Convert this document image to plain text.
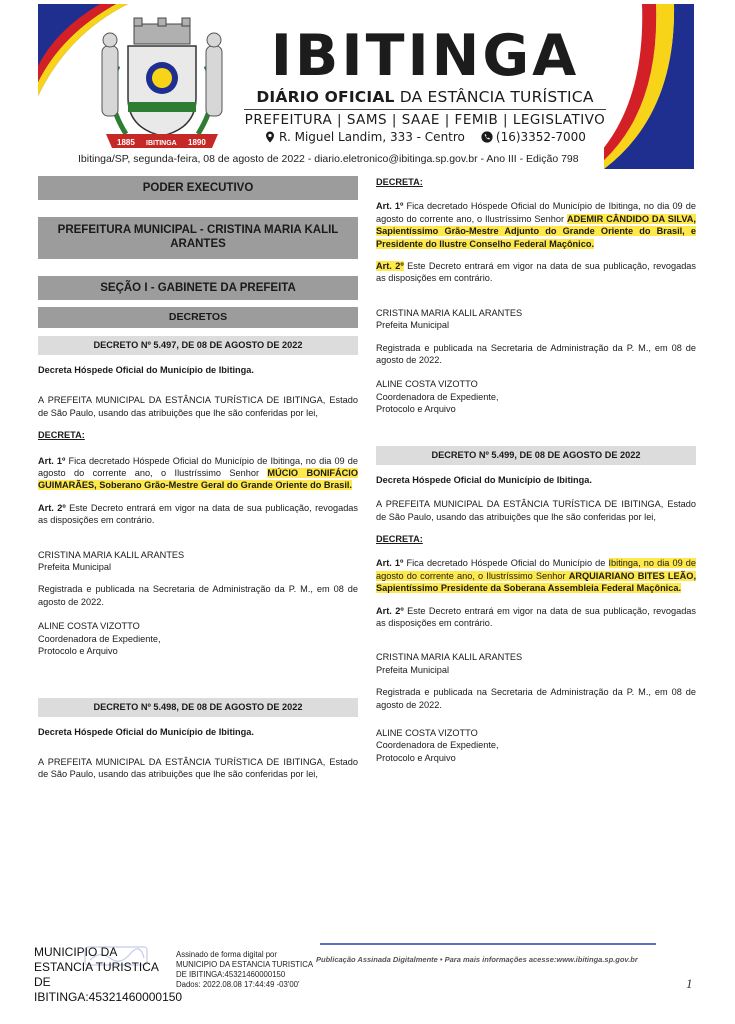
1885 IBITINGA 1890
IBITINGA
DIÁRIO OFICIAL DA ESTÂNCIA TURÍSTICA
PREFEITURA | SAMS | SAAE | FEMIB | LEGISLATIVO
R. Miguel Landim, 333 - Centro	(16)3352-7000
Ibitinga/SP, segunda-feira, 08 de agosto de 2022 - diario.eletronico@ibitinga.sp.gov.br - Ano III - Edição 798
PODER EXECUTIVO
PREFEITURA MUNICIPAL - CRISTINA MARIA KALIL ARANTES
SEÇÃO I - GABINETE DA PREFEITA
DECRETOS
DECRETO Nº 5.497, DE 08 DE AGOSTO DE 2022
Decreta Hóspede Oficial do Município de Ibitinga.
A PREFEITA MUNICIPAL DA ESTÂNCIA TURÍSTICA DE IBITINGA, Estado de São Paulo, usando das atribuições que lhe são conferidas por lei,
DECRETA:
Art. 1º Fica decretado Hóspede Oficial do Município de Ibitinga, no dia 09 de agosto do corrente ano, o Ilustríssimo Senhor MÚCIO BONIFÁCIO GUIMARÃES, Soberano Grão-Mestre Geral do Grande Oriente do Brasil.
Art. 2º Este Decreto entrará em vigor na data de sua publicação, revogadas as disposições em contrário.
CRISTINA MARIA KALIL ARANTES
Prefeita Municipal
Registrada e publicada na Secretaria de Administração da P. M., em 08 de agosto de 2022.
ALINE COSTA VIZOTTO
Coordenadora de Expediente,
Protocolo e Arquivo
DECRETO Nº 5.498, DE 08 DE AGOSTO DE 2022
Decreta Hóspede Oficial do Município de Ibitinga.
A PREFEITA MUNICIPAL DA ESTÂNCIA TURÍSTICA DE IBITINGA, Estado de São Paulo, usando das atribuições que lhe são conferidas por lei,
DECRETA:
Art. 1º Fica decretado Hóspede Oficial do Município de Ibitinga, no dia 09 de agosto do corrente ano, o Ilustríssimo Senhor ADEMIR CÂNDIDO DA SILVA, Sapientíssimo Grão-Mestre Adjunto do Grande Oriente do Brasil, e Presidente do Ilustre Conselho Federal Maçônico.
Art. 2º Este Decreto entrará em vigor na data de sua publicação, revogadas as disposições em contrário.
CRISTINA MARIA KALIL ARANTES
Prefeita Municipal
Registrada e publicada na Secretaria de Administração da P. M., em 08 de agosto de 2022.
ALINE COSTA VIZOTTO
Coordenadora de Expediente,
Protocolo e Arquivo
DECRETO Nº 5.499, DE 08 DE AGOSTO DE 2022
Decreta Hóspede Oficial do Município de Ibitinga.
A PREFEITA MUNICIPAL DA ESTÂNCIA TURÍSTICA DE IBITINGA, Estado de São Paulo, usando das atribuições que lhe são conferidas por lei,
DECRETA:
Art. 1º Fica decretado Hóspede Oficial do Município de Ibitinga, no dia 09 de agosto do corrente ano, o Ilustríssimo Senhor ARQUIARIANO BITES LEÃO, Sapientíssimo Presidente da Soberana Assembleia Federal Maçônica.
Art. 2º Este Decreto entrará em vigor na data de sua publicação, revogadas as disposições em contrário.
CRISTINA MARIA KALIL ARANTES
Prefeita Municipal
Registrada e publicada na Secretaria de Administração da P. M., em 08 de agosto de 2022.
ALINE COSTA VIZOTTO
Coordenadora de Expediente,
Protocolo e Arquivo
MUNICIPIO DA ESTANCIA TURISTICA DE IBITINGA:45321460000150
Assinado de forma digital por MUNICIPIO DA ESTANCIA TURISTICA DE IBITINGA:45321460000150
Dados: 2022.08.08 17:44:49 -03'00'
Publicação Assinada Digitalmente • Para mais informações acesse:www.ibitinga.sp.gov.br
1
